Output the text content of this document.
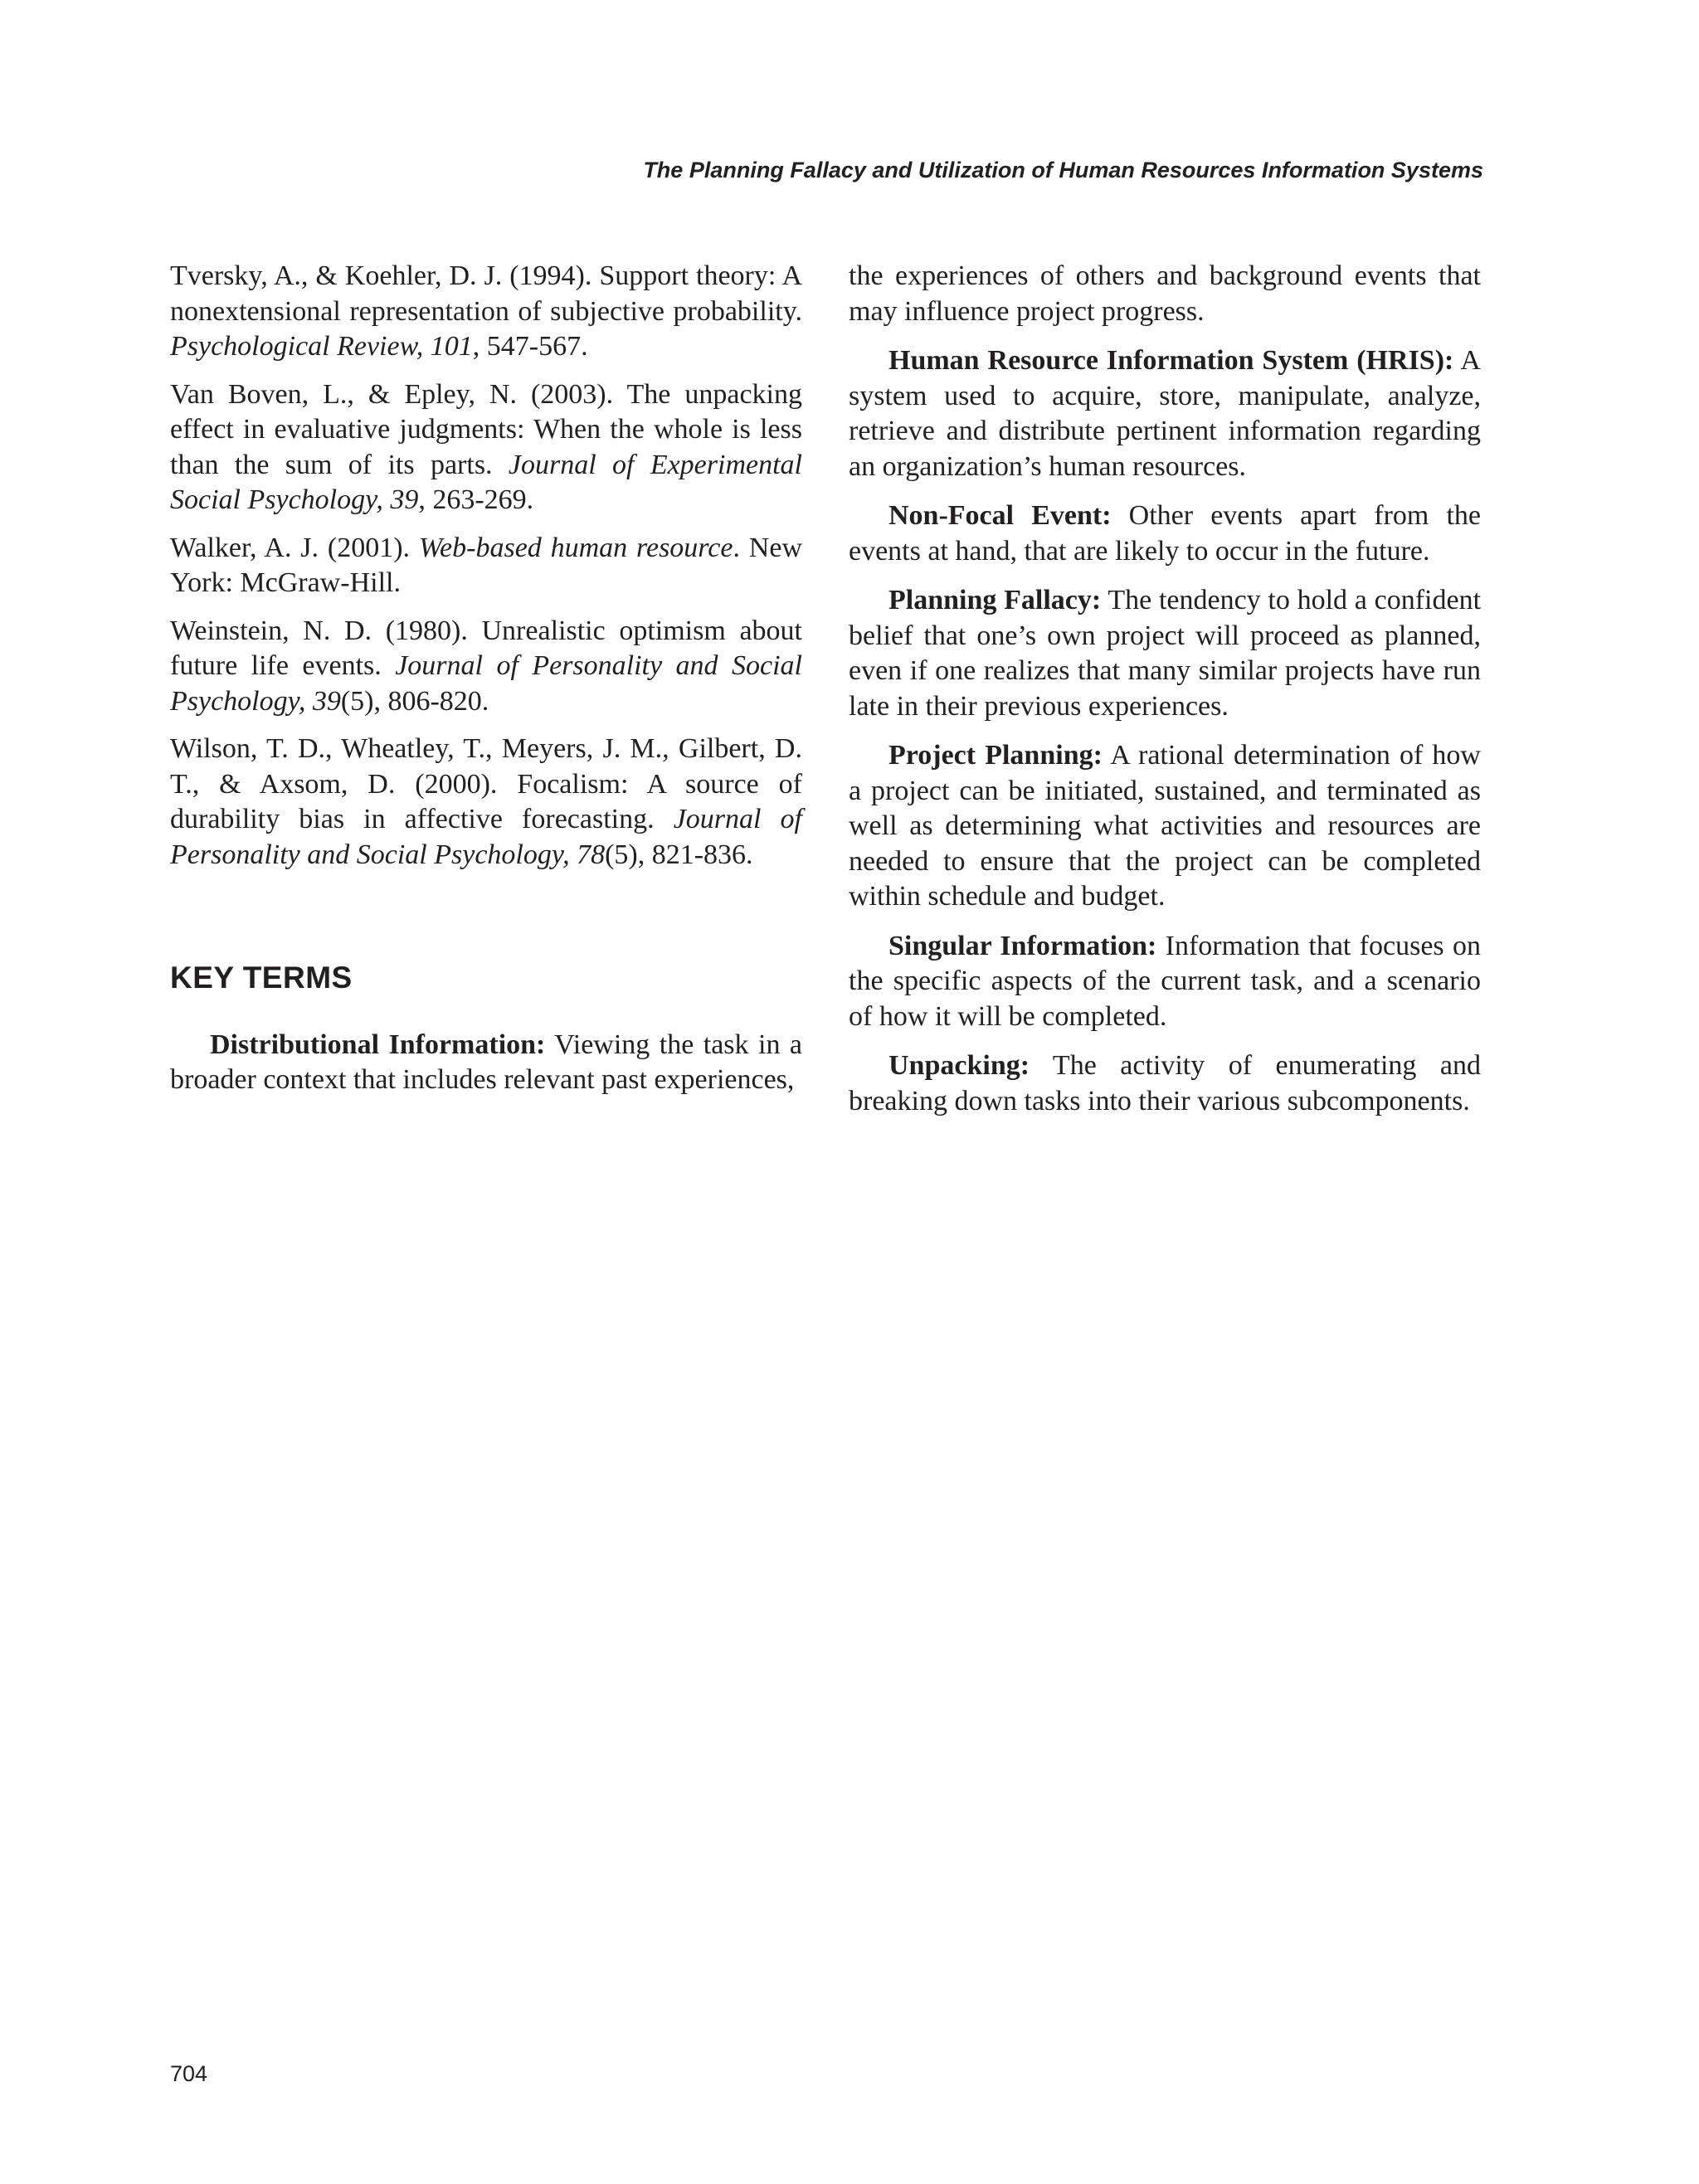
The Planning Fallacy and Utilization of Human Resources Information Systems

Tversky, A., & Koehler, D. J. (1994). Support theory: A nonextensional representation of subjective probability. Psychological Review, 101, 547-567.

Van Boven, L., & Epley, N. (2003). The unpacking effect in evaluative judgments: When the whole is less than the sum of its parts. Journal of Experimental Social Psychology, 39, 263-269.

Walker, A. J. (2001). Web-based human resource. New York: McGraw-Hill.

Weinstein, N. D. (1980). Unrealistic optimism about future life events. Journal of Personality and Social Psychology, 39(5), 806-820.

Wilson, T. D., Wheatley, T., Meyers, J. M., Gilbert, D. T., & Axsom, D. (2000). Focalism: A source of durability bias in affective forecasting. Journal of Personality and Social Psychology, 78(5), 821-836.

KEY TERMS

Distributional Information: Viewing the task in a broader context that includes relevant past experiences,

the experiences of others and background events that may influence project progress.

Human Resource Information System (HRIS): A system used to acquire, store, manipulate, analyze, retrieve and distribute pertinent information regarding an organization’s human resources.

Non-Focal Event: Other events apart from the events at hand, that are likely to occur in the future.

Planning Fallacy: The tendency to hold a confident belief that one’s own project will proceed as planned, even if one realizes that many similar projects have run late in their previous experiences.

Project Planning: A rational determination of how a project can be initiated, sustained, and terminated as well as determining what activities and resources are needed to ensure that the project can be completed within schedule and budget.

Singular Information: Information that focuses on the specific aspects of the current task, and a scenario of how it will be completed.

Unpacking: The activity of enumerating and breaking down tasks into their various subcomponents.

704
